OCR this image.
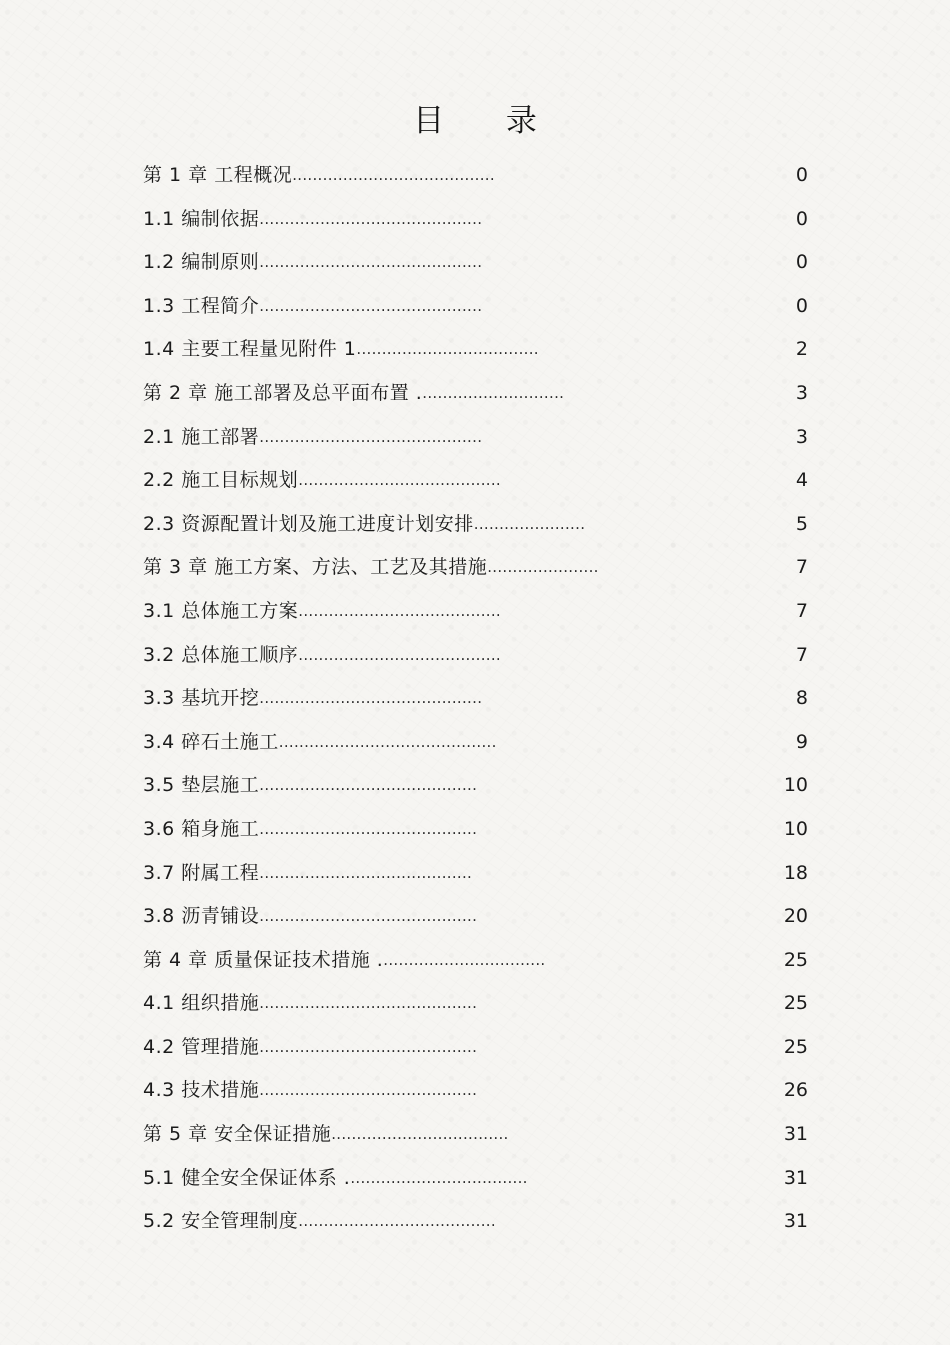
目 录
第 1 章 工程概况........................................	0
1.1 编制依据............................................	0
1.2 编制原则............................................	0
1.3 工程简介............................................	0
1.4 主要工程量见附件 1....................................	2
第 2 章 施工部署及总平面布置 .............................	3
2.1 施工部署............................................	3
2.2 施工目标规划........................................	4
2.3 资源配置计划及施工进度计划安排......................	5
第 3 章 施工方案、方法、工艺及其措施......................	7
3.1 总体施工方案........................................	7
3.2 总体施工顺序........................................	7
3.3 基坑开挖............................................	8
3.4 碎石土施工...........................................	9
3.5 垫层施工...........................................	10
3.6 箱身施工...........................................	10
3.7 附属工程..........................................	18
3.8 沥青铺设...........................................	20
第 4 章 质量保证技术措施 .................................	25
4.1 组织措施...........................................	25
4.2 管理措施...........................................	25
4.3 技术措施...........................................	26
第 5 章 安全保证措施...................................	31
5.1 健全安全保证体系 ....................................	31
5.2 安全管理制度.......................................	31
